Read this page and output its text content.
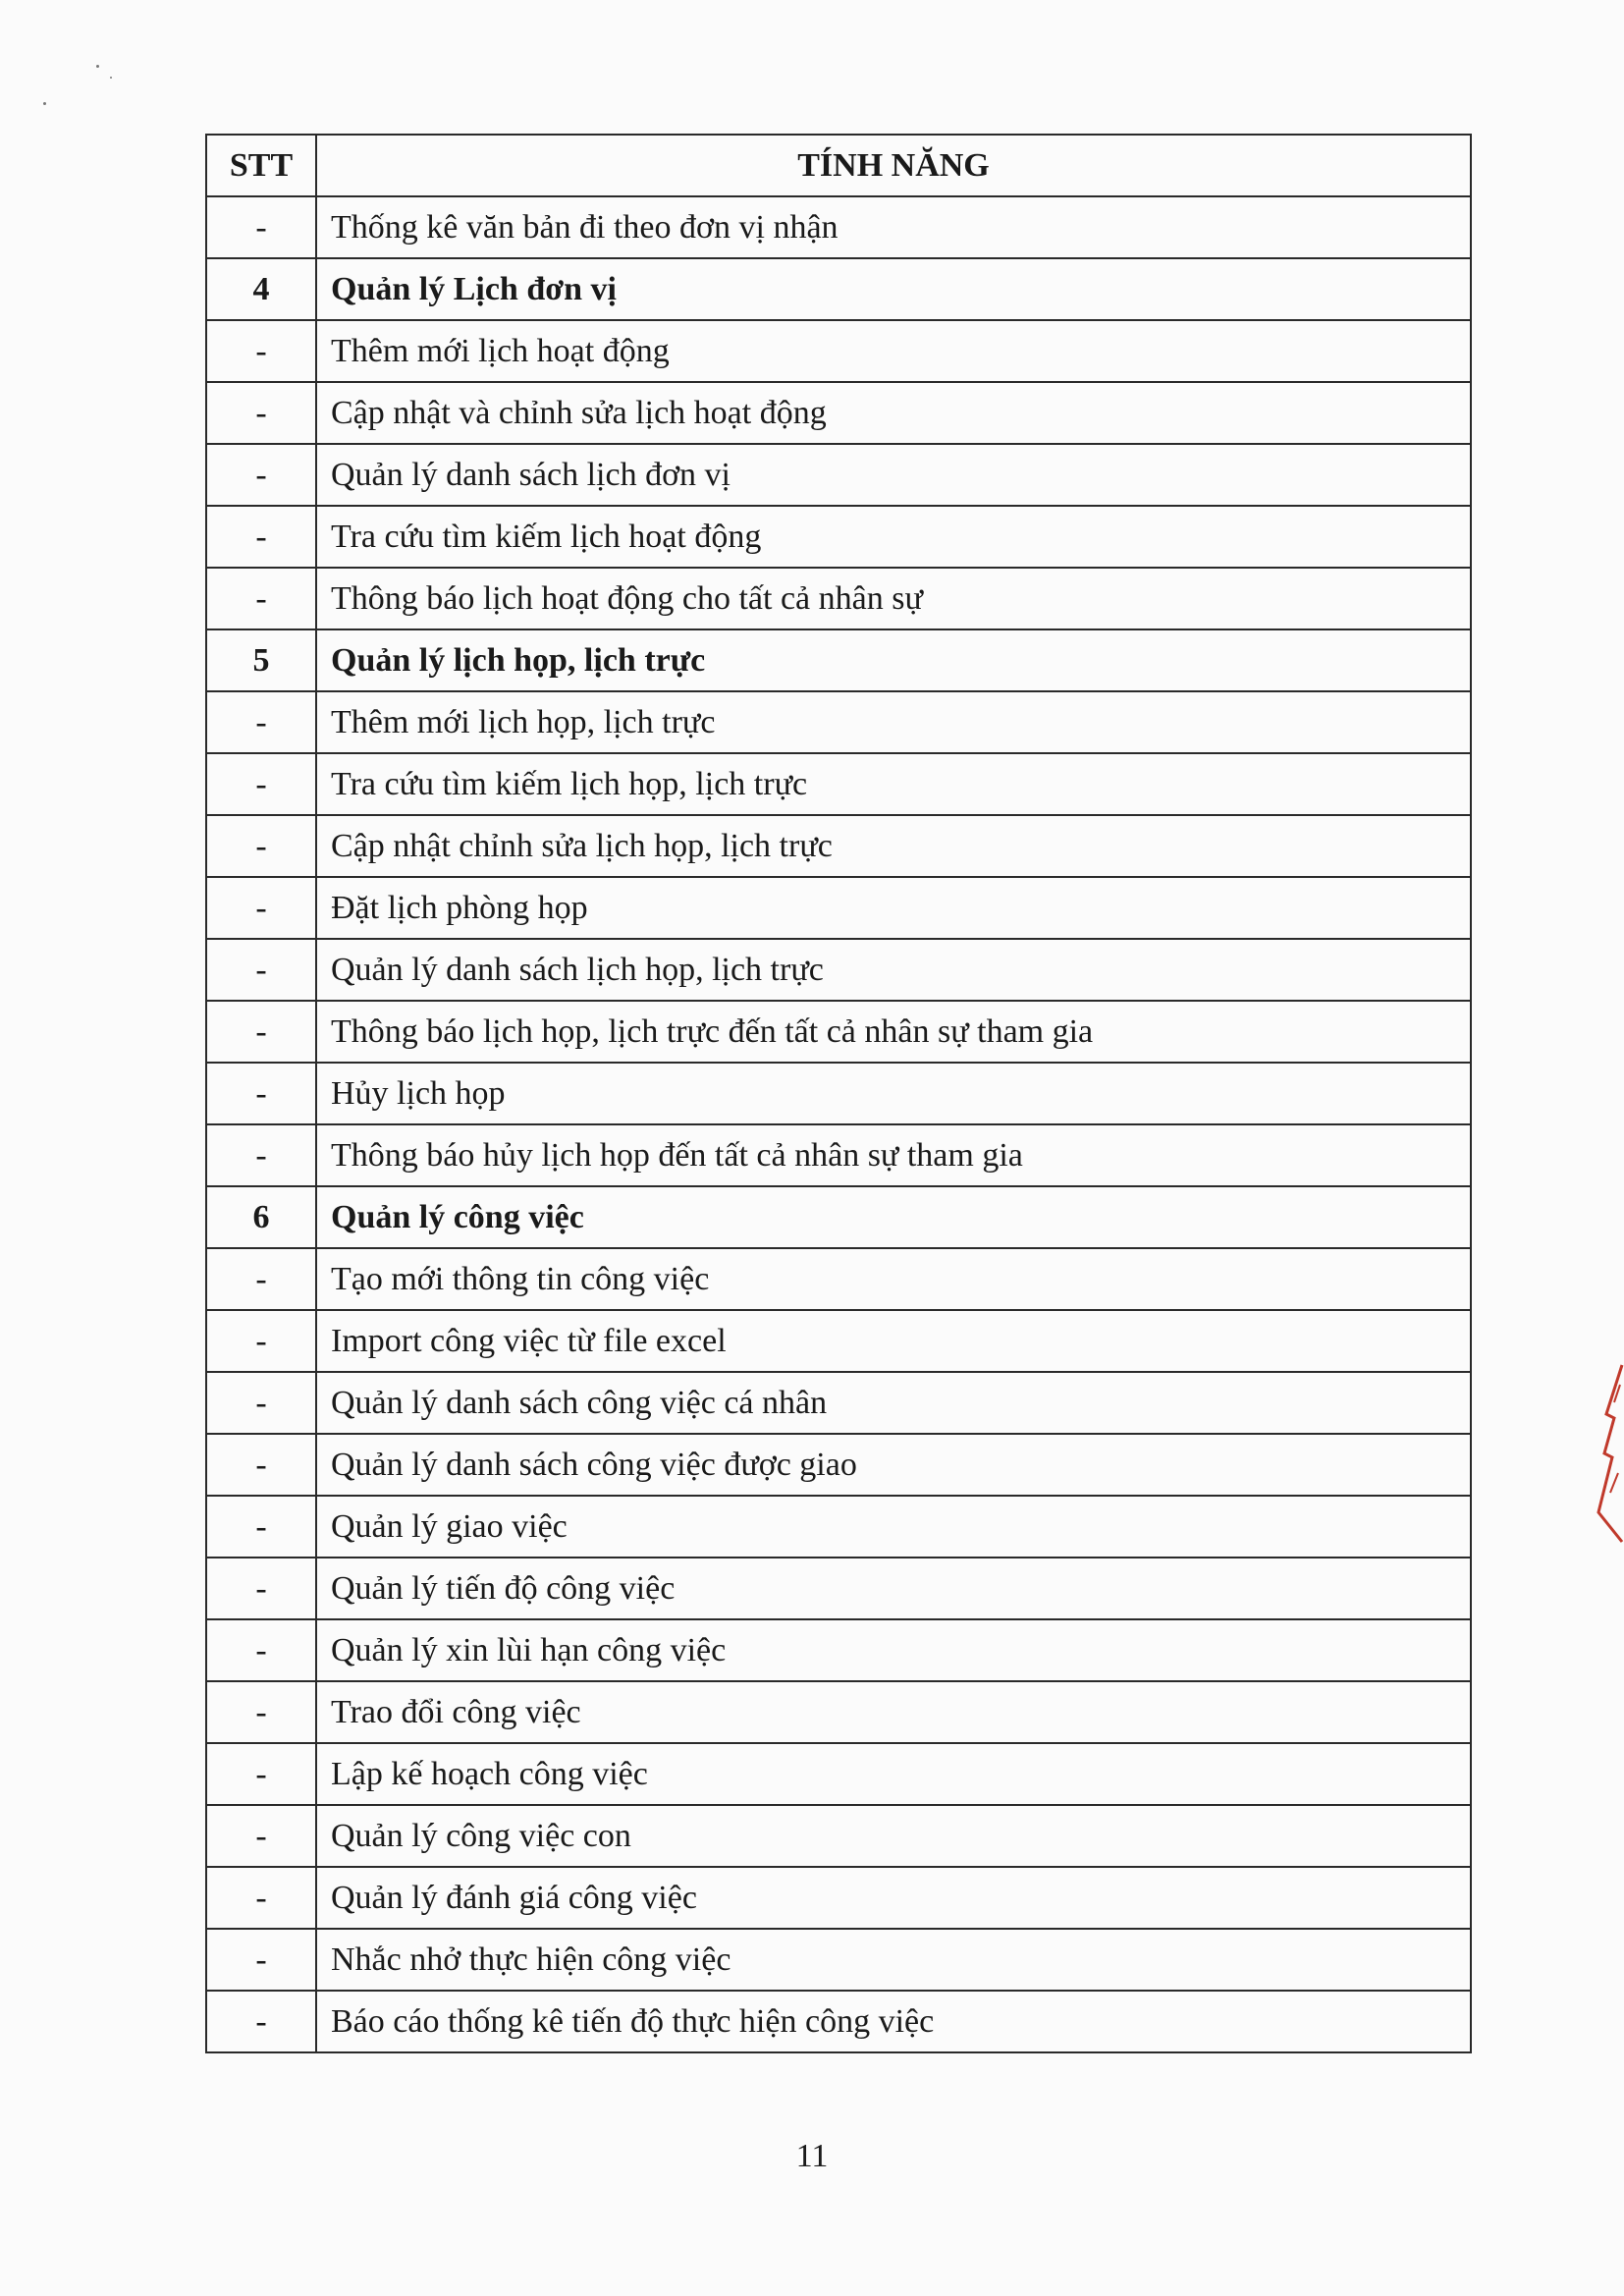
STT	TÍNH NĂNG
-	Thống kê văn bản đi theo đơn vị nhận
4	Quản lý Lịch đơn vị
-	Thêm mới lịch hoạt động
-	Cập nhật và chỉnh sửa lịch hoạt động
-	Quản lý danh sách lịch đơn vị
-	Tra cứu tìm kiếm lịch hoạt động
-	Thông báo lịch hoạt động cho tất cả nhân sự
5	Quản lý lịch họp, lịch trực
-	Thêm mới lịch họp, lịch trực
-	Tra cứu tìm kiếm lịch họp, lịch trực
-	Cập nhật chỉnh sửa lịch họp, lịch trực
-	Đặt lịch phòng họp
-	Quản lý danh sách lịch họp, lịch trực
-	Thông báo lịch họp, lịch trực đến tất cả nhân sự tham gia
-	Hủy lịch họp
-	Thông báo hủy lịch họp đến tất cả nhân sự tham gia
6	Quản lý công việc
-	Tạo mới thông tin công việc
-	Import công việc từ file excel
-	Quản lý danh sách công việc cá nhân
-	Quản lý danh sách công việc được giao
-	Quản lý giao việc
-	Quản lý tiến độ công việc
-	Quản lý xin lùi hạn công việc
-	Trao đổi công việc
-	Lập kế hoạch công việc
-	Quản lý công việc con
-	Quản lý đánh giá công việc
-	Nhắc nhở thực hiện công việc
-	Báo cáo thống kê tiến độ thực hiện công việc
11
